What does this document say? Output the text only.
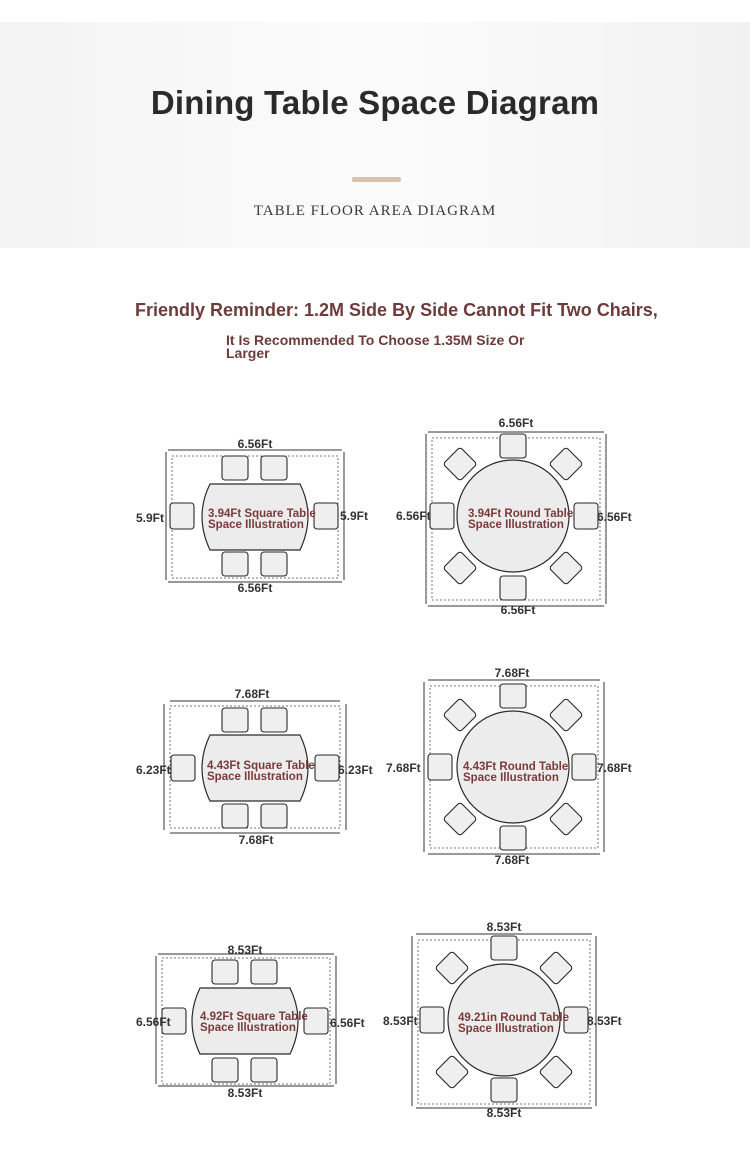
Dining Table Space Diagram
TABLE FLOOR AREA DIAGRAM
Friendly Reminder: 1.2M Side By Side Cannot Fit Two Chairs,
It Is Recommended To Choose 1.35M Size Or Larger
6.56Ft
6.56Ft
5.9Ft	5.9Ft
3.94Ft Square Table
Space Illustration
6.56Ft
6.56Ft
6.56Ft	6.56Ft
3.94Ft Round Table
Space Illustration
7.68Ft
7.68Ft
6.23Ft	6.23Ft
4.43Ft Square Table
Space Illustration
7.68Ft
7.68Ft
7.68Ft	7.68Ft
4.43Ft Round Table
Space Illustration
8.53Ft
8.53Ft
6.56Ft	6.56Ft
4.92Ft Square Table
Space Illustration
8.53Ft
8.53Ft
8.53Ft	8.53Ft
49.21in Round Table
Space Illustration
